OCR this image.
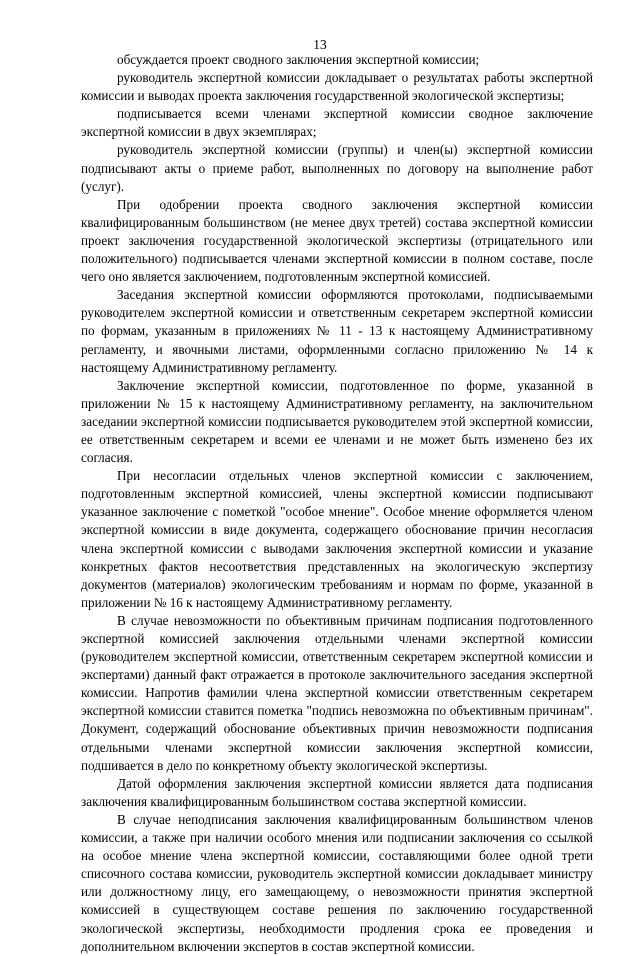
13

обсуждается проект сводного заключения экспертной комиссии;

руководитель экспертной комиссии докладывает о результатах работы экспертной комиссии и выводах проекта заключения государственной экологической экспертизы;

подписывается всеми членами экспертной комиссии сводное заключение экспертной комиссии в двух экземплярах;

руководитель экспертной комиссии (группы) и член(ы) экспертной комиссии подписывают акты о приеме работ, выполненных по договору на выполнение работ (услуг).

При одобрении проекта сводного заключения экспертной комиссии квалифицированным большинством (не менее двух третей) состава экспертной комиссии проект заключения государственной экологической экспертизы (отрицательного или положительного) подписывается членами экспертной комиссии в полном составе, после чего оно является заключением, подготовленным экспертной комиссией.

Заседания экспертной комиссии оформляются протоколами, подписываемыми руководителем экспертной комиссии и ответственным секретарем экспертной комиссии по формам, указанным в приложениях № 11 - 13 к настоящему Административному регламенту, и явочными листами, оформленными согласно приложению № 14 к настоящему Административному регламенту.

Заключение экспертной комиссии, подготовленное по форме, указанной в приложении № 15 к настоящему Административному регламенту, на заключительном заседании экспертной комиссии подписывается руководителем этой экспертной комиссии, ее ответственным секретарем и всеми ее членами и не может быть изменено без их согласия.

При несогласии отдельных членов экспертной комиссии с заключением, подготовленным экспертной комиссией, члены экспертной комиссии подписывают указанное заключение с пометкой "особое мнение". Особое мнение оформляется членом экспертной комиссии в виде документа, содержащего обоснование причин несогласия члена экспертной комиссии с выводами заключения экспертной комиссии и указание конкретных фактов несоответствия представленных на экологическую экспертизу документов (материалов) экологическим требованиям и нормам по форме, указанной в приложении № 16 к настоящему Административному регламенту.

В случае невозможности по объективным причинам подписания подготовленного экспертной комиссией заключения отдельными членами экспертной комиссии (руководителем экспертной комиссии, ответственным секретарем экспертной комиссии и экспертами) данный факт отражается в протоколе заключительного заседания экспертной комиссии. Напротив фамилии члена экспертной комиссии ответственным секретарем экспертной комиссии ставится пометка "подпись невозможна по объективным причинам". Документ, содержащий обоснование объективных причин невозможности подписания отдельными членами экспертной комиссии заключения экспертной комиссии, подшивается в дело по конкретному объекту экологической экспертизы.

Датой оформления заключения экспертной комиссии является дата подписания заключения квалифицированным большинством состава экспертной комиссии.

В случае неподписания заключения квалифицированным большинством членов комиссии, а также при наличии особого мнения или подписании заключения со ссылкой на особое мнение члена экспертной комиссии, составляющими более одной трети списочного состава комиссии, руководитель экспертной комиссии докладывает министру или должностному лицу, его замещающему, о невозможности принятия экспертной комиссией в существующем составе решения по заключению государственной экологической экспертизы, необходимости продления срока ее проведения и дополнительном включении экспертов в состав экспертной комиссии.
